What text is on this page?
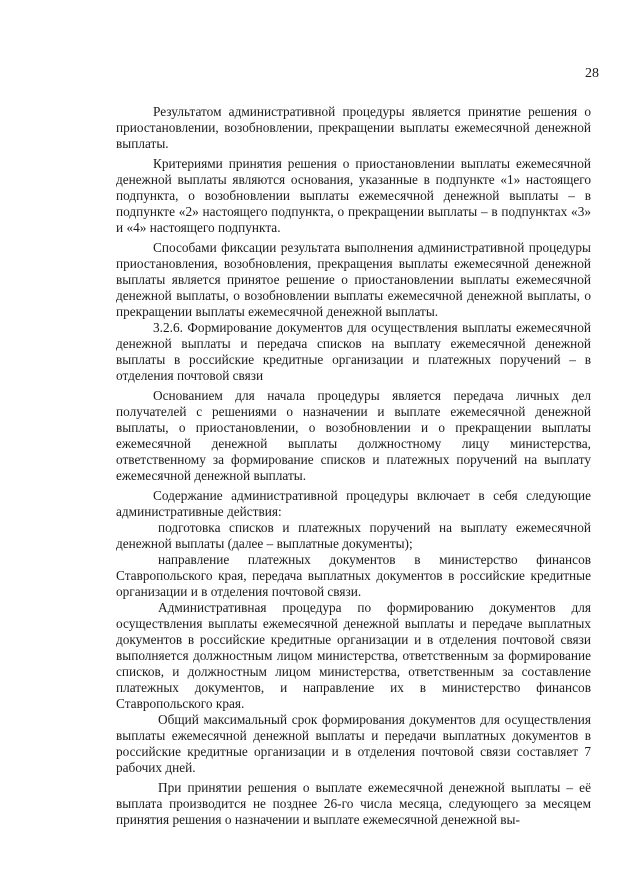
28

Результатом административной процедуры является принятие решения о приостановлении, возобновлении, прекращении выплаты ежемесячной денежной выплаты.

Критериями принятия решения о приостановлении выплаты ежемесячной денежной выплаты являются основания, указанные в подпункте «1» настоящего подпункта, о возобновлении выплаты ежемесячной денежной выплаты – в подпункте «2» настоящего подпункта, о прекращении выплаты – в подпунктах «3» и «4» настоящего подпункта.

Способами фиксации результата выполнения административной процедуры приостановления, возобновления, прекращения выплаты ежемесячной денежной выплаты является принятое решение о приостановлении выплаты ежемесячной денежной выплаты, о возобновлении выплаты ежемесячной денежной выплаты, о прекращении выплаты ежемесячной денежной выплаты.

3.2.6. Формирование документов для осуществления выплаты ежемесячной денежной выплаты и передача списков на выплату ежемесячной денежной выплаты в российские кредитные организации и платежных поручений – в отделения почтовой связи

Основанием для начала процедуры является передача личных дел получателей с решениями о назначении и выплате ежемесячной денежной выплаты, о приостановлении, о возобновлении и о прекращении выплаты ежемесячной денежной выплаты должностному лицу министерства, ответственному за формирование списков и платежных поручений на выплату ежемесячной денежной выплаты.

Содержание административной процедуры включает в себя следующие административные действия:

подготовка списков и платежных поручений на выплату ежемесячной денежной выплаты (далее – выплатные документы);

направление платежных документов в министерство финансов Ставропольского края, передача выплатных документов в российские кредитные организации и в отделения почтовой связи.

Административная процедура по формированию документов для осуществления выплаты ежемесячной денежной выплаты и передаче выплатных документов в российские кредитные организации и в отделения почтовой связи выполняется должностным лицом министерства, ответственным за формирование списков, и должностным лицом министерства, ответственным за составление платежных документов, и направление их в министерство финансов Ставропольского края.

Общий максимальный срок формирования документов для осуществления выплаты ежемесячной денежной выплаты и передачи выплатных документов в российские кредитные организации и в отделения почтовой связи составляет 7 рабочих дней.

При принятии решения о выплате ежемесячной денежной выплаты – её выплата производится не позднее 26-го числа месяца, следующего за месяцем принятия решения о назначении и выплате ежемесячной денежной вы-
